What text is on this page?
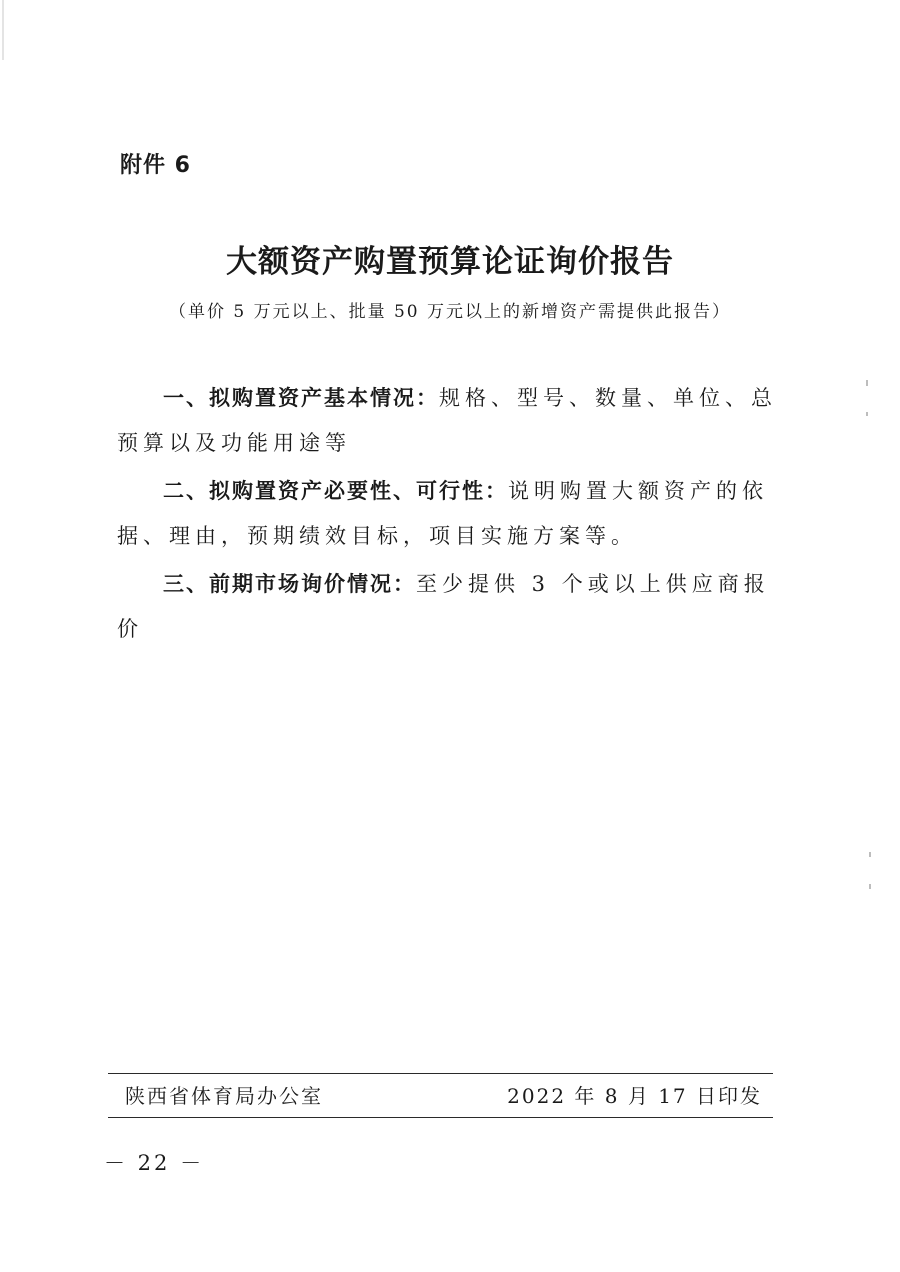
附件 6
大额资产购置预算论证询价报告
（单价 5 万元以上、批量 50 万元以上的新增资产需提供此报告）
一、拟购置资产基本情况：规格、型号、数量、单位、总预算以及功能用途等
二、拟购置资产必要性、可行性：说明购置大额资产的依据、理由，预期绩效目标，项目实施方案等。
三、前期市场询价情况：至少提供 3 个或以上供应商报价
陕西省体育局办公室	2022 年 8 月 17 日印发
－ 22 －
